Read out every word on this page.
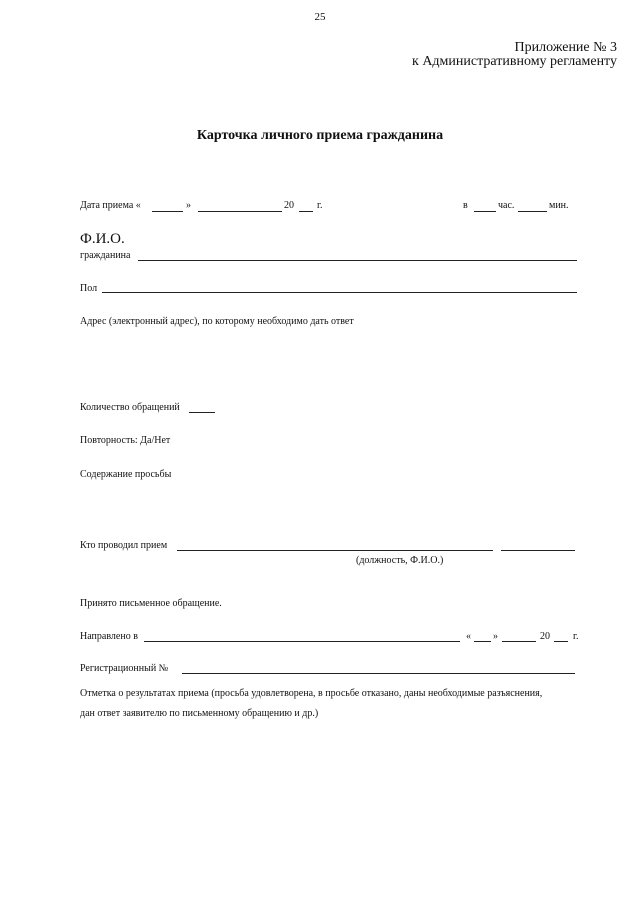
25
Приложение № 3
к Административному регламенту
Карточка личного приема гражданина
Дата приема «	»	20 г.	в	час.	мин.
Ф.И.О.
гражданина
Пол
Адрес (электронный адрес), по которому необходимо дать ответ
Количество обращений
Повторность: Да/Нет
Содержание просьбы
Кто проводил прием
(должность, Ф.И.О.)
Принято письменное обращение.
Направлено в	« »	20 г.
Регистрационный №
Отметка о результатах приема (просьба удовлетворена, в просьбе отказано, даны необходимые разъяснения,
дан ответ заявителю по письменному обращению и др.)
